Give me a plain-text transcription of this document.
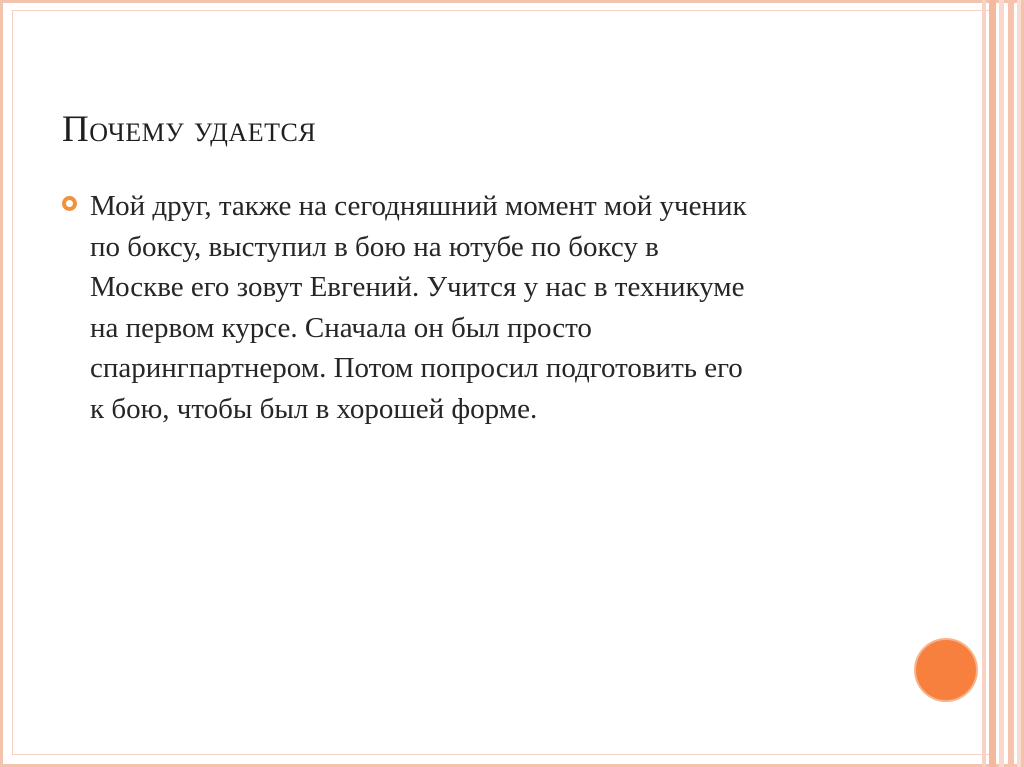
Почему удается
Мой друг, также на сегодняшний момент мой ученик
по боксу, выступил в бою на ютубе по боксу в
Москве его зовут Евгений. Учится у нас в техникуме
на первом курсе. Сначала он был просто
спарингпартнером. Потом попросил подготовить его
к бою, чтобы был в хорошей форме.
